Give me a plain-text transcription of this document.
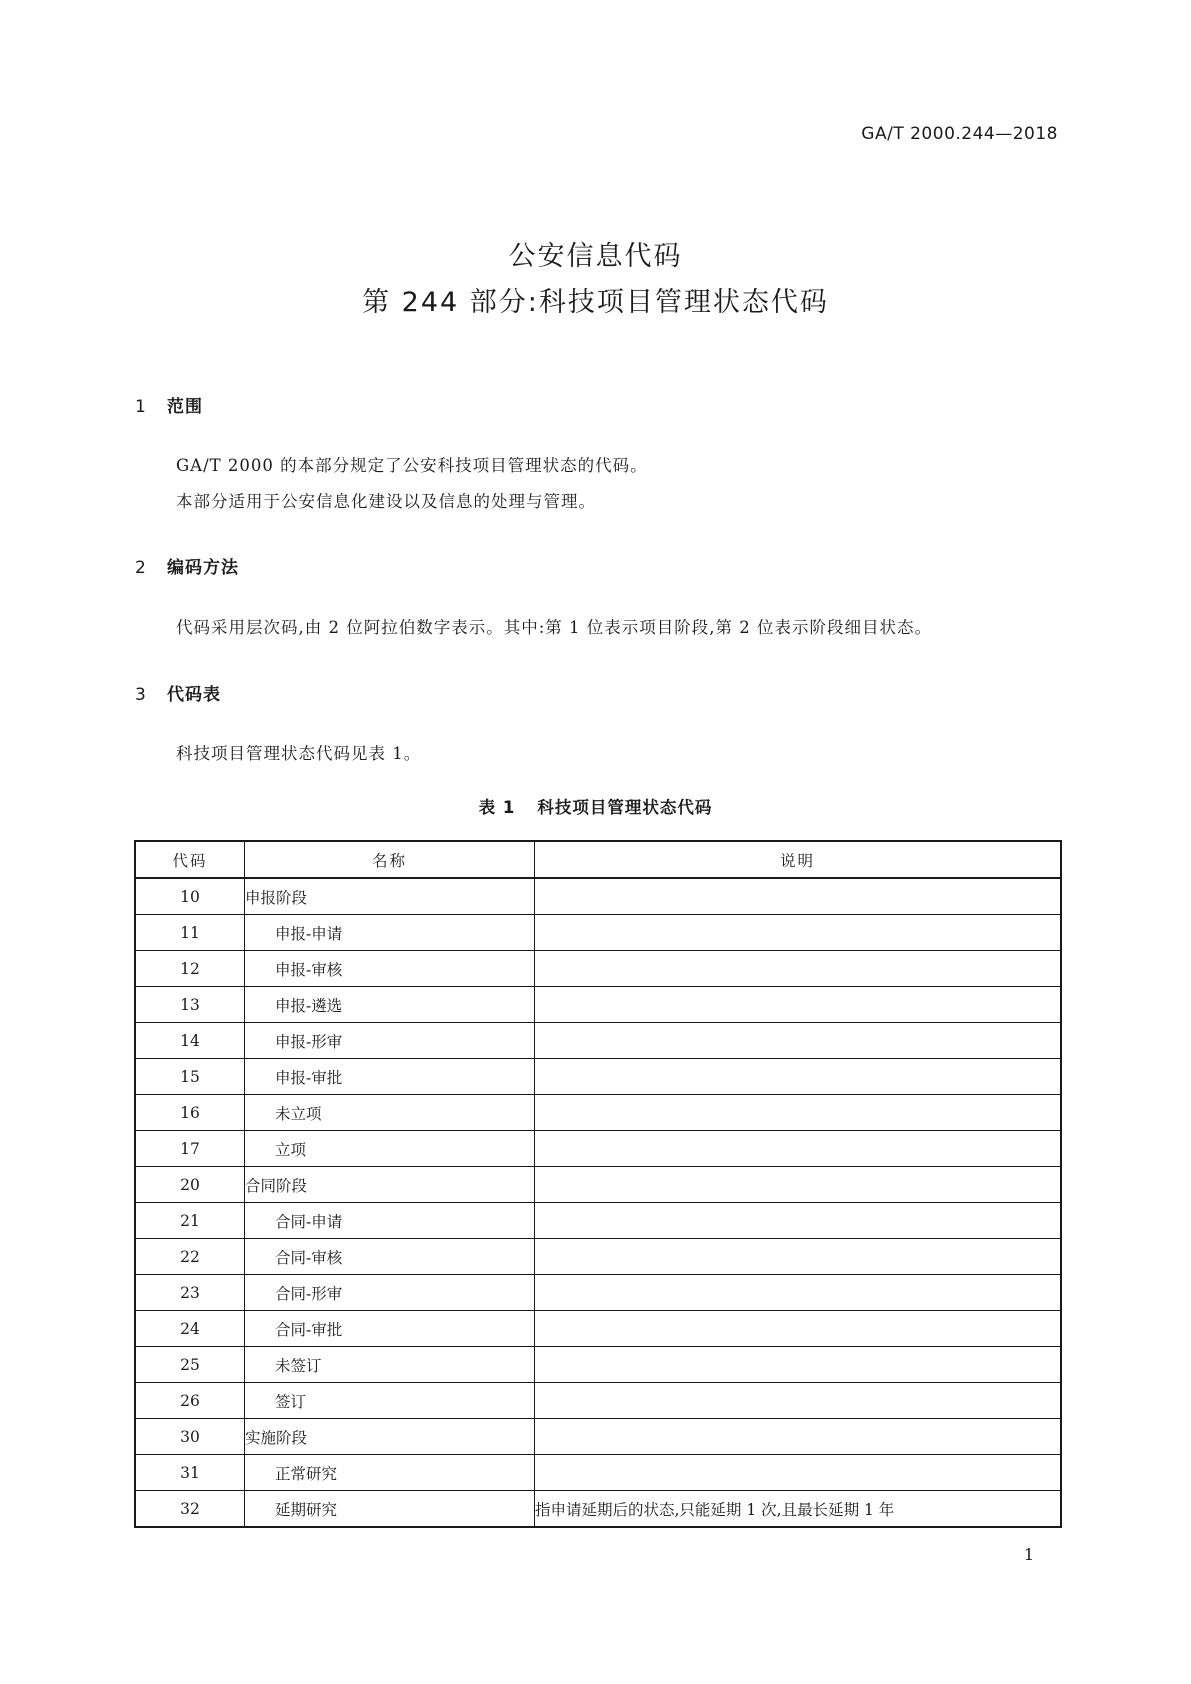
GA/T 2000.244—2018
公安信息代码
第 244 部分:科技项目管理状态代码
1 范围
GA/T 2000 的本部分规定了公安科技项目管理状态的代码。
本部分适用于公安信息化建设以及信息的处理与管理。
2 编码方法
代码采用层次码,由 2 位阿拉伯数字表示。其中:第 1 位表示项目阶段,第 2 位表示阶段细目状态。
3 代码表
科技项目管理状态代码见表 1。
表 1 科技项目管理状态代码
代码	名称	说明
10	申报阶段	
11	申报-申请	
12	申报-审核	
13	申报-遴选	
14	申报-形审	
15	申报-审批	
16	未立项	
17	立项	
20	合同阶段	
21	合同-申请	
22	合同-审核	
23	合同-形审	
24	合同-审批	
25	未签订	
26	签订	
30	实施阶段	
31	正常研究	
32	延期研究	指申请延期后的状态,只能延期 1 次,且最长延期 1 年
1
